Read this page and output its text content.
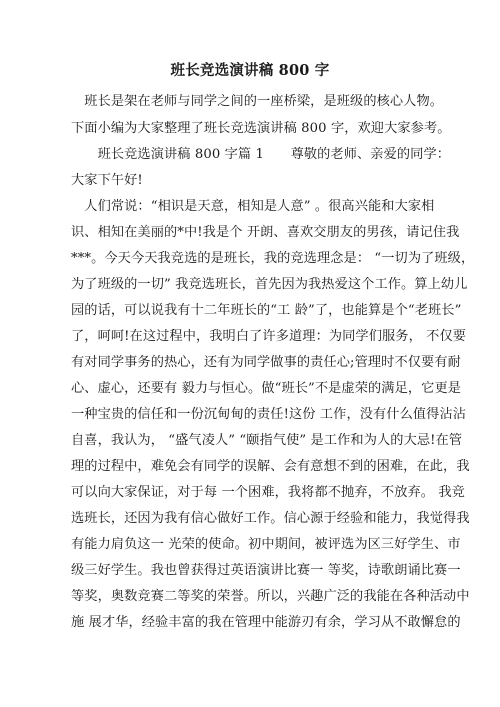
班长竞选演讲稿 800 字
　班长是架在老师与同学之间的一座桥梁，是班级的核心人物。
下面小编为大家整理了班长竞选演讲稿 800 字，欢迎大家参考。
　　班长竞选演讲稿 800 字篇 1　　尊敬的老师、亲爱的同学：
大家下午好!
　人们常说：“相识是天意，相知是人意” 。很高兴能和大家相
识、相知在美丽的*中!我是个 开朗、喜欢交朋友的男孩，请记住我
***。今天今天我竞选的是班长，我的竞选理念是： “一切为了班级，
为了班级的一切” 我竞选班长，首先因为我热爱这个工作。算上幼儿
园的话，可以说我有十二年班长的“工 龄”了，也能算是个“老班长”
了，呵呵!在这过程中，我明白了许多道理：为同学们服务， 不仅要
有对同学事务的热心，还有为同学做事的责任心;管理时不仅要有耐
心、虚心，还要有 毅力与恒心。做“班长”不是虚荣的满足，它更是
一种宝贵的信任和一份沉甸甸的责任!这份 工作，没有什么值得沾沾
自喜，我认为， “盛气凌人” “颐指气使” 是工作和为人的大忌!在管
理的过程中，难免会有同学的误解、会有意想不到的困难，在此，我
可以向大家保证，对于每 一个困难，我将都不抛弃，不放弃。 我竞
选班长，还因为我有信心做好工作。信心源于经验和能力，我觉得我
有能力肩负这一 光荣的使命。初中期间，被评选为区三好学生、市
级三好学生。我也曾获得过英语演讲比赛一 等奖，诗歌朗诵比赛一
等奖，奥数竞赛二等奖的荣誉。所以，兴趣广泛的我能在各种活动中
施 展才华，经验丰富的我在管理中能游刃有余，学习从不敢懈怠的
